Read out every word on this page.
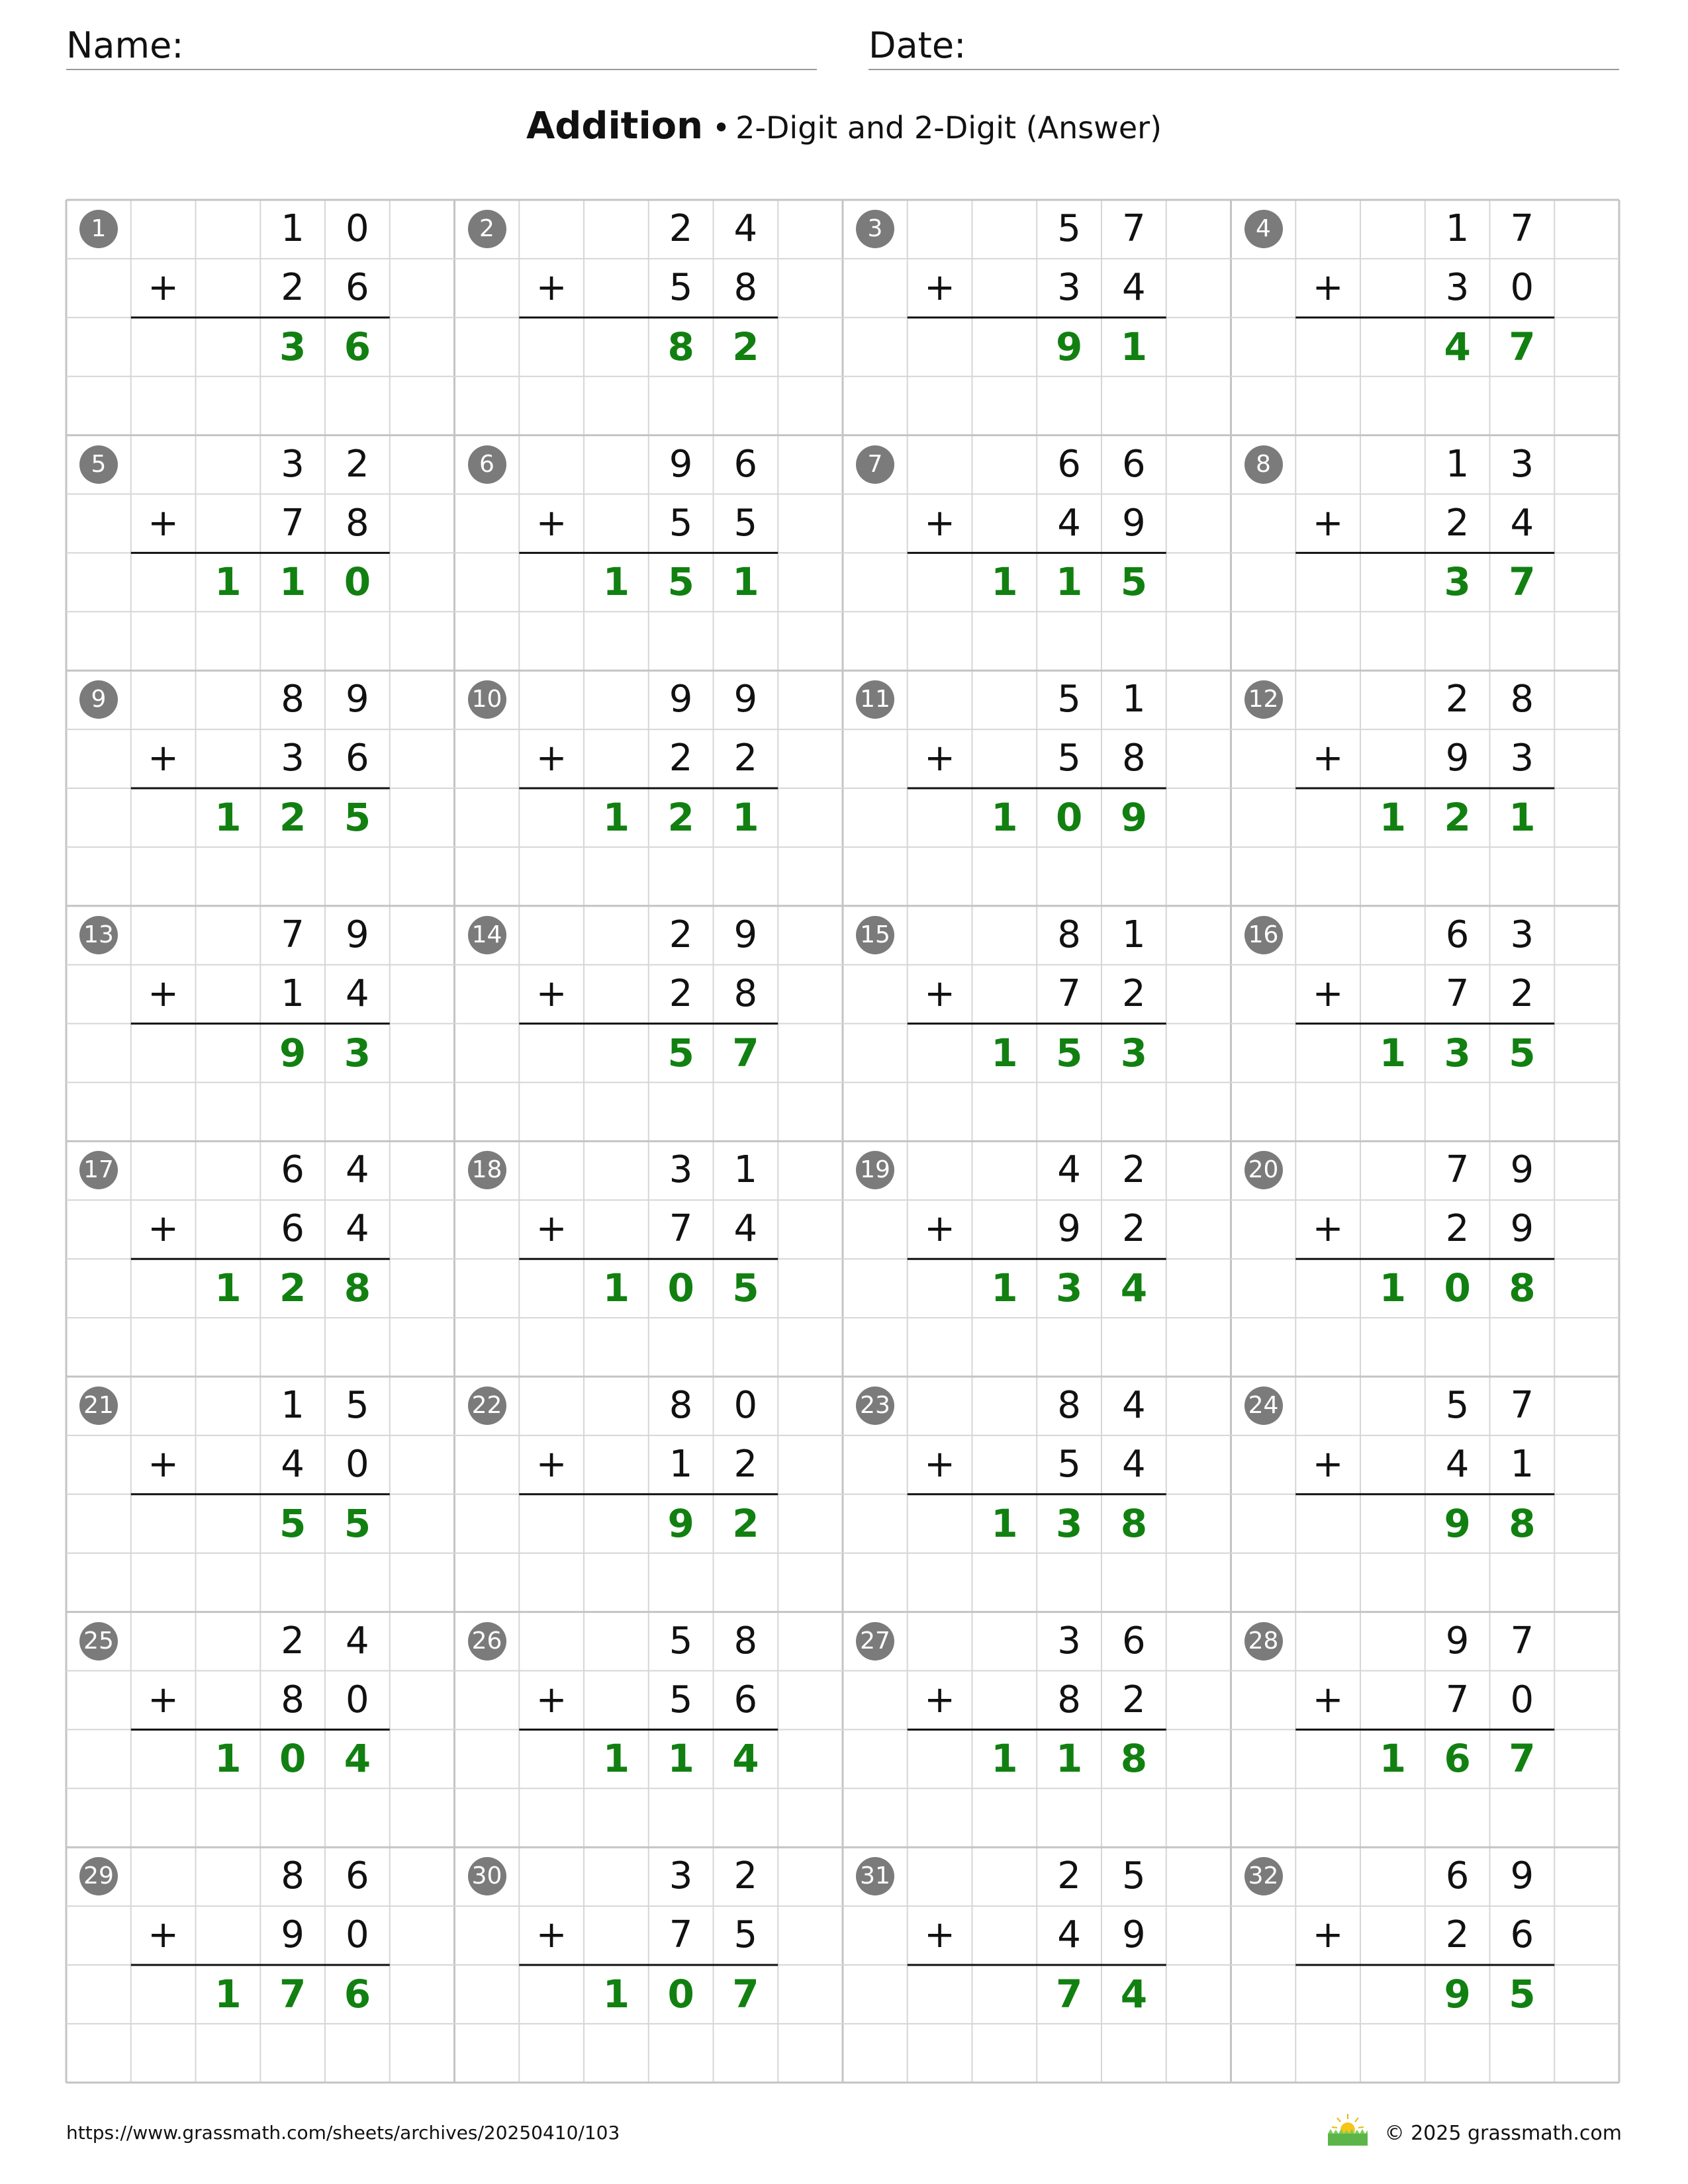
Name:	Date:
Addition • 2-Digit and 2-Digit (Answer)
1	1	0
+	2	6
3 6
2	2	4
+	5	8
8 2
3	5	7
+	3	4
9 1
4	1	7
+	3	0
4 7
5	3	2
+	7	8
1 1 0
6	9	6
+	5	5
1 5 1
7	6	6
+	4	9
1 1 5
8	1	3
+	2	4
3 7
9	8	9
+	3	6
1 2 5
10	9	9
+	2	2
1 2 1
11	5	1
+	5	8
1 0 9
12	2	8
+	9	3
1 2 1
13	7	9
+	1	4
9 3
14	2	9
+	2	8
5 7
15	8	1
+	7	2
1 5 3
16	6	3
+	7	2
1 3 5
17	6	4
+	6	4
1 2 8
18	3	1
+	7	4
1 0 5
19	4	2
+	9	2
1 3 4
20	7	9
+	2	9
1 0 8
21	1	5
+	4	0
5 5
22	8	0
+	1	2
9 2
23	8	4
+	5	4
1 3 8
24	5	7
+	4	1
9 8
25	2	4
+	8	0
1 0 4
26	5	8
+	5	6
1 1 4
27	3	6
+	8	2
1 1 8
28	9	7
+	7	0
1 6 7
29	8	6
+	9	0
1 7 6
30	3	2
+	7	5
1 0 7
31	2	5
+	4	9
7 4
32	6	9
+	2	6
9 5
https://www.grassmath.com/sheets/archives/20250410/103	© 2025 grassmath.com
